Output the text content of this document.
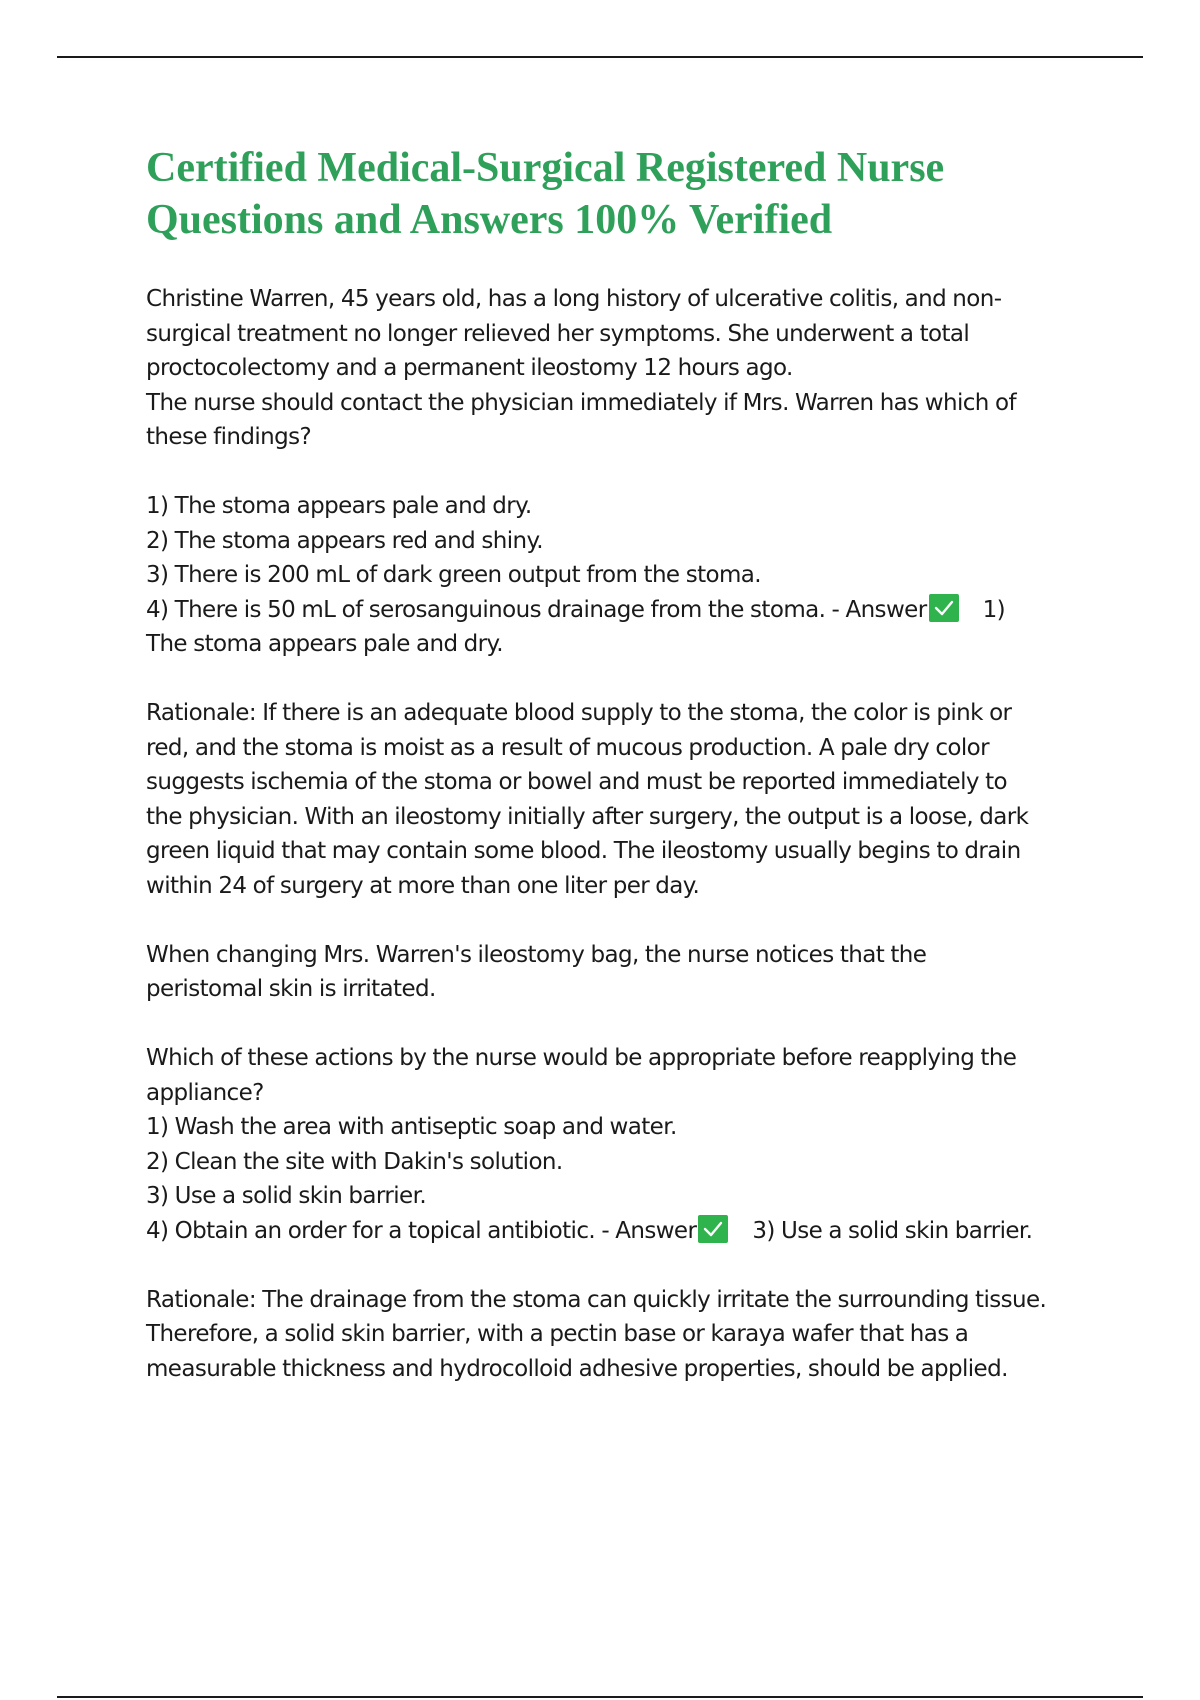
Certified Medical-Surgical Registered Nurse
Questions and Answers 100% Verified
Christine Warren, 45 years old, has a long history of ulcerative colitis, and non-
surgical treatment no longer relieved her symptoms. She underwent a total
proctocolectomy and a permanent ileostomy 12 hours ago.
The nurse should contact the physician immediately if Mrs. Warren has which of
these findings?
1) The stoma appears pale and dry.
2) The stoma appears red and shiny.
3) There is 200 mL of dark green output from the stoma.
4) There is 50 mL of serosanguinous drainage from the stoma. - Answer 1)
The stoma appears pale and dry.
Rationale: If there is an adequate blood supply to the stoma, the color is pink or
red, and the stoma is moist as a result of mucous production. A pale dry color
suggests ischemia of the stoma or bowel and must be reported immediately to
the physician. With an ileostomy initially after surgery, the output is a loose, dark
green liquid that may contain some blood. The ileostomy usually begins to drain
within 24 of surgery at more than one liter per day.
When changing Mrs. Warren's ileostomy bag, the nurse notices that the
peristomal skin is irritated.
Which of these actions by the nurse would be appropriate before reapplying the
appliance?
1) Wash the area with antiseptic soap and water.
2) Clean the site with Dakin's solution.
3) Use a solid skin barrier.
4) Obtain an order for a topical antibiotic. - Answer 3) Use a solid skin barrier.
Rationale: The drainage from the stoma can quickly irritate the surrounding tissue.
Therefore, a solid skin barrier, with a pectin base or karaya wafer that has a
measurable thickness and hydrocolloid adhesive properties, should be applied.
